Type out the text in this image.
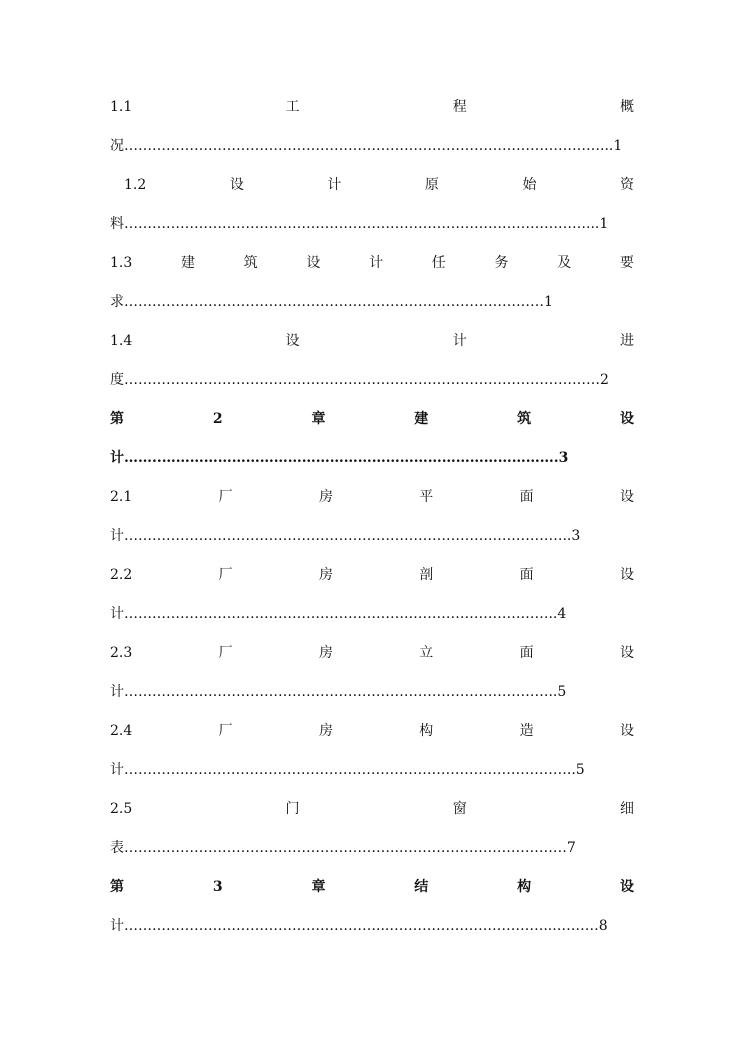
1.1	工	程	概
况…………………………………………………………………………………………...1
1.2	设	计	原	始	资
料………………………………………………………………………………………...1
1.3	建	筑	设	计	任	务	及	要
求………………………………………………………………………………1
1.4	设	计	进
度…………………………………………………………………………………………2
第	2	章	建	筑	设
计……..………………………………………………………………………….3
2.1	厂	房	平	面	设
计…………………………………………………………………….……………..3
2.2	厂	房	剖	面	设
计…………………………………………………….…………………………..4
2.3	厂	房	立	面	设
计……………………………………….………………………………………..5
2.4	厂	房	构	造	设
计…………..………………………………………………………………………..5
2.5	门	窗	细
表…………………………………………………..………………………………7
第	3	章	结	构	设
计………………………………………………...……………………………...………8
